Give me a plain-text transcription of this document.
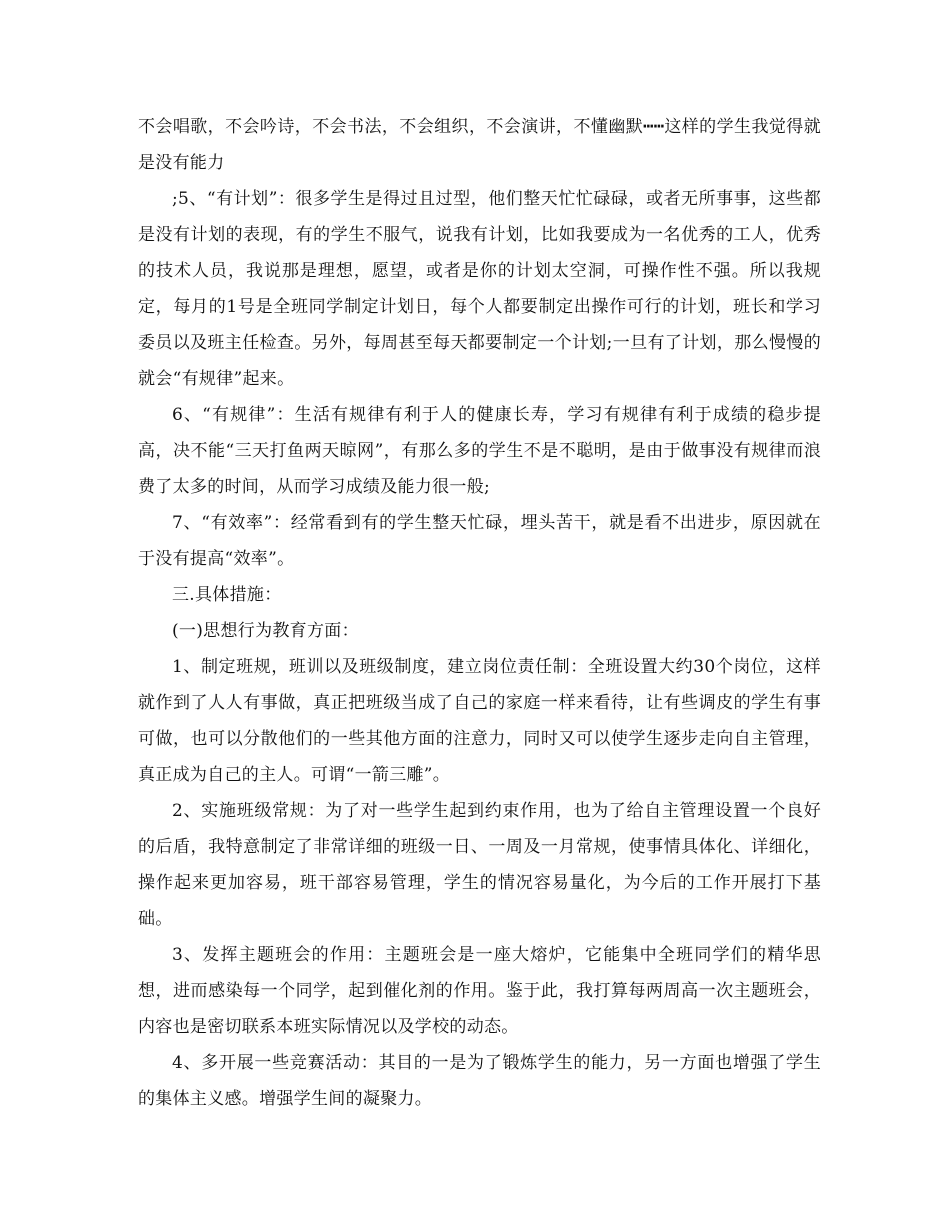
不会唱歌，不会吟诗，不会书法，不会组织，不会演讲，不懂幽默┅┅这样的学生我觉得就是没有能力

;5、“有计划”：很多学生是得过且过型，他们整天忙忙碌碌，或者无所事事，这些都是没有计划的表现，有的学生不服气，说我有计划，比如我要成为一名优秀的工人，优秀的技术人员，我说那是理想，愿望，或者是你的计划太空洞，可操作性不强。所以我规定，每月的1号是全班同学制定计划日，每个人都要制定出操作可行的计划，班长和学习委员以及班主任检查。另外，每周甚至每天都要制定一个计划;一旦有了计划，那么慢慢的就会“有规律”起来。

6、“有规律”：生活有规律有利于人的健康长寿，学习有规律有利于成绩的稳步提高，决不能“三天打鱼两天晾网”，有那么多的学生不是不聪明，是由于做事没有规律而浪费了太多的时间，从而学习成绩及能力很一般;

7、“有效率”：经常看到有的学生整天忙碌，埋头苦干，就是看不出进步，原因就在于没有提高“效率”。

三.具体措施：

(一)思想行为教育方面：

1、制定班规，班训以及班级制度，建立岗位责任制：全班设置大约30个岗位，这样就作到了人人有事做，真正把班级当成了自己的家庭一样来看待，让有些调皮的学生有事可做，也可以分散他们的一些其他方面的注意力，同时又可以使学生逐步走向自主管理，真正成为自己的主人。可谓“一箭三雕”。

2、实施班级常规：为了对一些学生起到约束作用，也为了给自主管理设置一个良好的后盾，我特意制定了非常详细的班级一日、一周及一月常规，使事情具体化、详细化，操作起来更加容易，班干部容易管理，学生的情况容易量化，为今后的工作开展打下基础。

3、发挥主题班会的作用：主题班会是一座大熔炉，它能集中全班同学们的精华思想，进而感染每一个同学，起到催化剂的作用。鉴于此，我打算每两周高一次主题班会，内容也是密切联系本班实际情况以及学校的动态。

4、多开展一些竞赛活动：其目的一是为了锻炼学生的能力，另一方面也增强了学生的集体主义感。增强学生间的凝聚力。
